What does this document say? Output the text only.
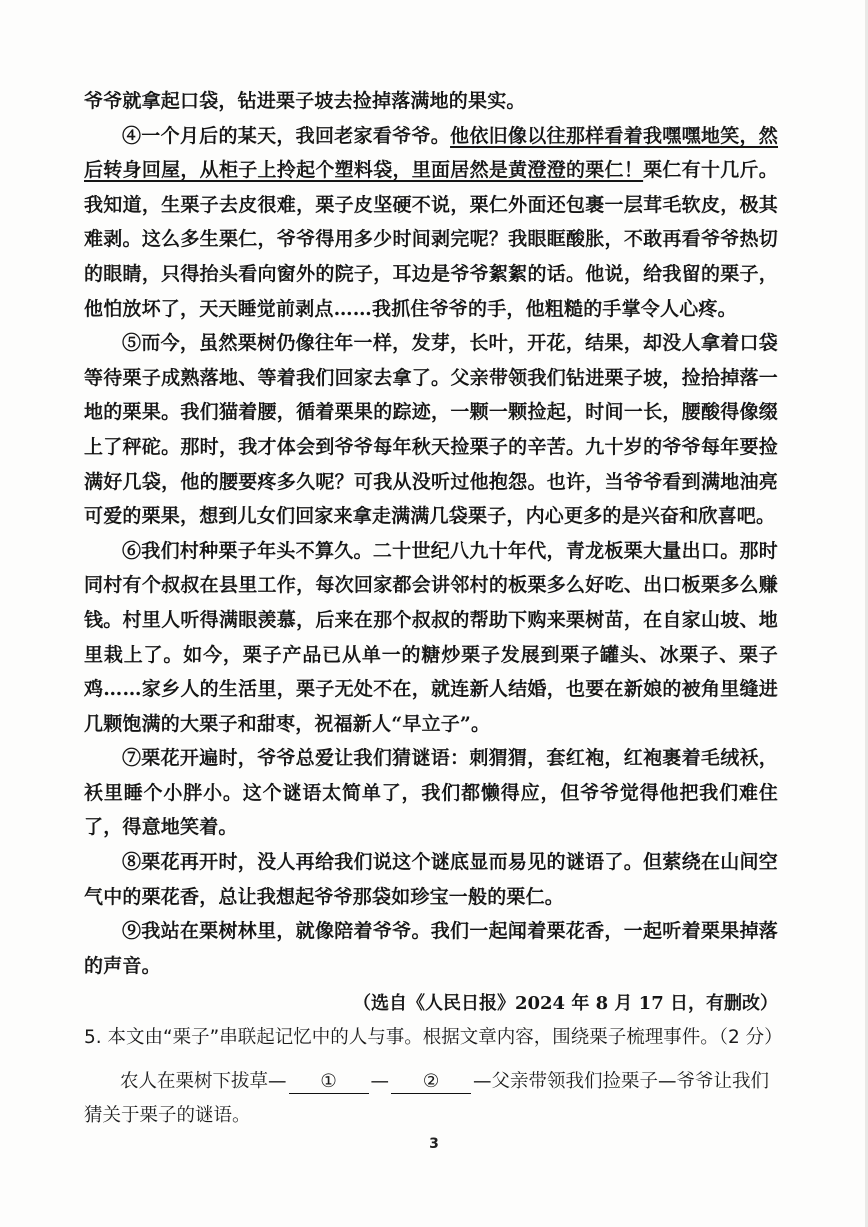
爷爷就拿起口袋，钻进栗子坡去捡掉落满地的果实。

④一个月后的某天，我回老家看爷爷。他依旧像以往那样看着我嘿嘿地笑，然后转身回屋，从柜子上拎起个塑料袋，里面居然是黄澄澄的栗仁！栗仁有十几斤。我知道，生栗子去皮很难，栗子皮坚硬不说，栗仁外面还包裹一层茸毛软皮，极其难剥。这么多生栗仁，爷爷得用多少时间剥完呢？我眼眶酸胀，不敢再看爷爷热切的眼睛，只得抬头看向窗外的院子，耳边是爷爷絮絮的话。他说，给我留的栗子，他怕放坏了，天天睡觉前剥点……我抓住爷爷的手，他粗糙的手掌令人心疼。

⑤而今，虽然栗树仍像往年一样，发芽，长叶，开花，结果，却没人拿着口袋等待栗子成熟落地、等着我们回家去拿了。父亲带领我们钻进栗子坡，捡拾掉落一地的栗果。我们猫着腰，循着栗果的踪迹，一颗一颗捡起，时间一长，腰酸得像缀上了秤砣。那时，我才体会到爷爷每年秋天捡栗子的辛苦。九十岁的爷爷每年要捡满好几袋，他的腰要疼多久呢？可我从没听过他抱怨。也许，当爷爷看到满地油亮可爱的栗果，想到儿女们回家来拿走满满几袋栗子，内心更多的是兴奋和欣喜吧。

⑥我们村种栗子年头不算久。二十世纪八九十年代，青龙板栗大量出口。那时同村有个叔叔在县里工作，每次回家都会讲邻村的板栗多么好吃、出口板栗多么赚钱。村里人听得满眼羡慕，后来在那个叔叔的帮助下购来栗树苗，在自家山坡、地里栽上了。如今，栗子产品已从单一的糖炒栗子发展到栗子罐头、冰栗子、栗子鸡……家乡人的生活里，栗子无处不在，就连新人结婚，也要在新娘的被角里缝进几颗饱满的大栗子和甜枣，祝福新人“早立子”。

⑦栗花开遍时，爷爷总爱让我们猜谜语：刺猬猬，套红袍，红袍裹着毛绒袄，袄里睡个小胖小。这个谜语太简单了，我们都懒得应，但爷爷觉得他把我们难住了，得意地笑着。

⑧栗花再开时，没人再给我们说这个谜底显而易见的谜语了。但萦绕在山间空气中的栗花香，总让我想起爷爷那袋如珍宝一般的栗仁。

⑨我站在栗树林里，就像陪着爷爷。我们一起闻着栗花香，一起听着栗果掉落的声音。

（选自《人民日报》2024 年 8 月 17 日，有删改）

5. 本文由“栗子”串联起记忆中的人与事。根据文章内容，围绕栗子梳理事件。（2 分）

农人在栗树下拔草— ① — ② —父亲带领我们捡栗子—爷爷让我们猜关于栗子的谜语。

3
